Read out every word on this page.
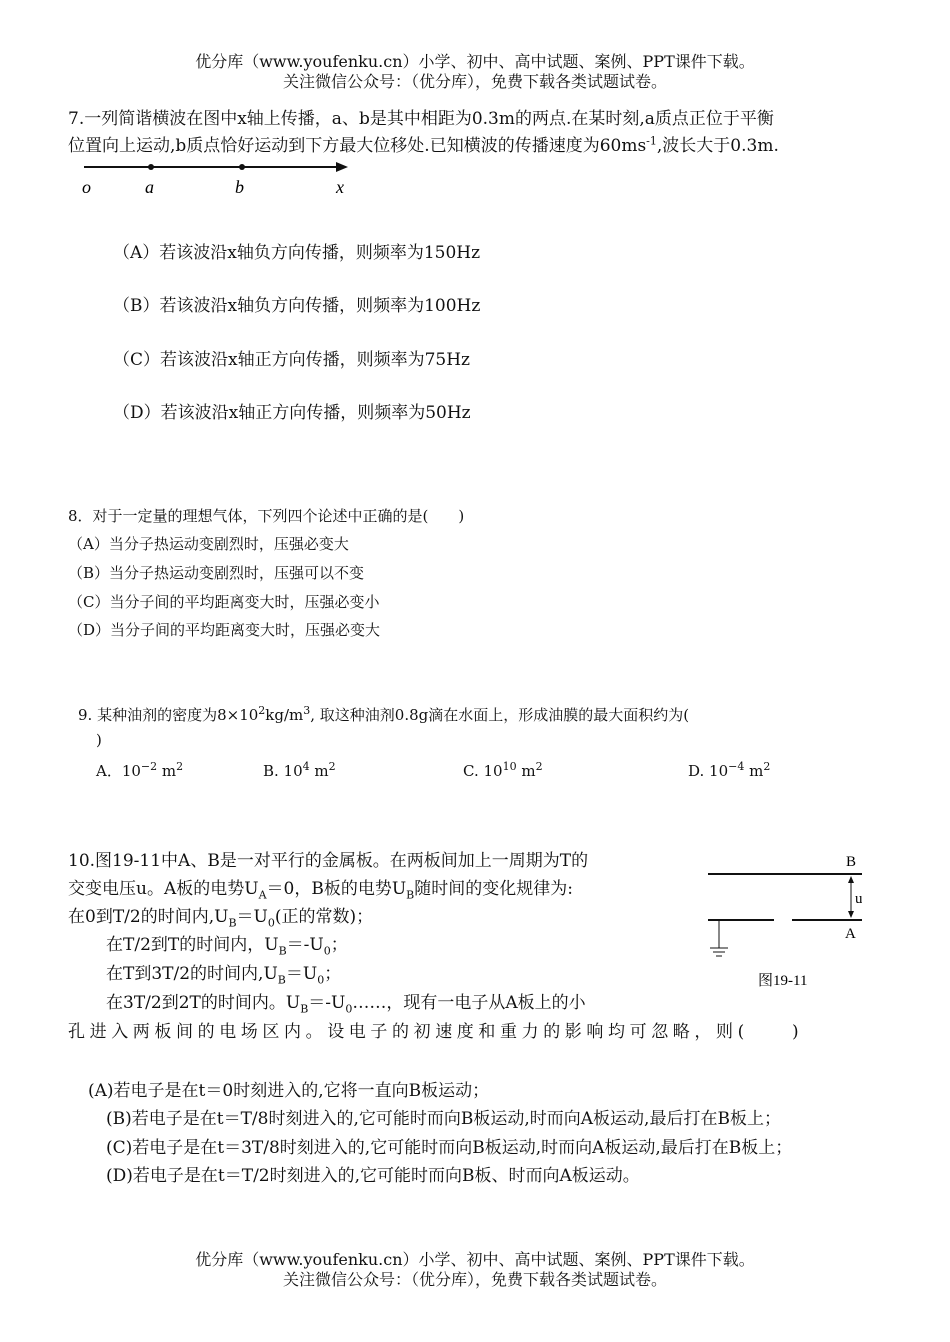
优分库（www.youfenku.cn）小学、初中、高中试题、案例、PPT课件下载。
关注微信公众号：（优分库），免费下载各类试题试卷。
7.一列简谐横波在图中x轴上传播，a、b是其中相距为0.3m的两点.在某时刻,a质点正位于平衡
位置向上运动,b质点恰好运动到下方最大位移处.已知横波的传播速度为$60ms^{-1}$,波长大于0.3m.
o	a	b	x
（A）若该波沿x轴负方向传播，则频率为150Hz
（B）若该波沿x轴负方向传播，则频率为100Hz
（C）若该波沿x轴正方向传播，则频率为75Hz
（D）若该波沿x轴正方向传播，则频率为50Hz
8．对于一定量的理想气体，下列四个论述中正确的是(　　)
（A）当分子热运动变剧烈时，压强必变大
（B）当分子热运动变剧烈时，压强可以不变
（C）当分子间的平均距离变大时，压强必变小
（D）当分子间的平均距离变大时，压强必变大
9. 某种油剂的密度为$8\times 10^2kg/m^3$, 取这种油剂0.8g滴在水面上，形成油膜的最大面积约为(
)
A．$10^{-2}$ $m^2$	B. $10^4$ $m^2$	C. $10^{10}$ $m^2$	D. $10^{-4}$ $m^2$
10.图19-11中A、B是一对平行的金属板。在两板间加上一周期为T的
交变电压u。A板的电势$U_A=0$，B板的电势$U_B$随时间的变化规律为:
在0到T/2的时间内$,U_B=U_0$(正的常数)；
在T/2到T的时间内，$U_B=-U_0$；
在T到3T/2的时间内$,U_B=U_0$；
在3T/2到2T的时间内。$U_B=-U_0\dots\dots$，现有一电子从A板上的小
孔进入两板间的电场区内。设电子的初速度和重力的影响均可忽略，则(　　)
B
u
A
图19-11
(A)若电子是在t＝0时刻进入的,它将一直向B板运动；
(B)若电子是在t＝T/8时刻进入的,它可能时而向B板运动,时而向A板运动,最后打在B板上；
(C)若电子是在t＝3T/8时刻进入的,它可能时而向B板运动,时而向A板运动,最后打在B板上；
(D)若电子是在t＝T/2时刻进入的,它可能时而向B板、时而向A板运动。
优分库（www.youfenku.cn）小学、初中、高中试题、案例、PPT课件下载。
关注微信公众号：（优分库），免费下载各类试题试卷。
